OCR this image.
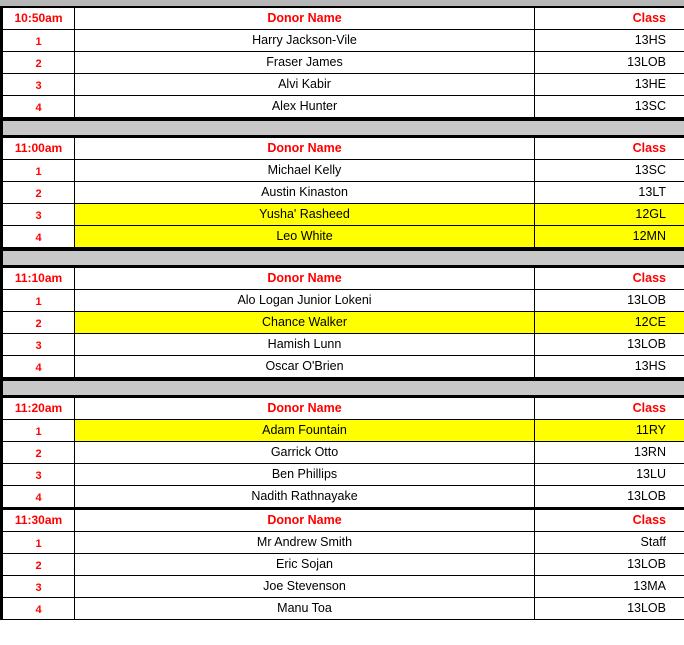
10:50am	Donor Name	Class
1	Harry Jackson-Vile	13HS
2	Fraser James	13LOB
3	Alvi Kabir	13HE
4	Alex Hunter	13SC
11:00am	Donor Name	Class
1	Michael Kelly	13SC
2	Austin Kinaston	13LT
3	Yusha' Rasheed	12GL
4	Leo White	12MN
11:10am	Donor Name	Class
1	Alo Logan Junior Lokeni	13LOB
2	Chance Walker	12CE
3	Hamish Lunn	13LOB
4	Oscar O'Brien	13HS
11:20am	Donor Name	Class
1	Adam Fountain	11RY
2	Garrick Otto	13RN
3	Ben Phillips	13LU
4	Nadith Rathnayake	13LOB
11:30am	Donor Name	Class
1	Mr Andrew Smith	Staff
2	Eric Sojan	13LOB
3	Joe Stevenson	13MA
4	Manu Toa	13LOB
